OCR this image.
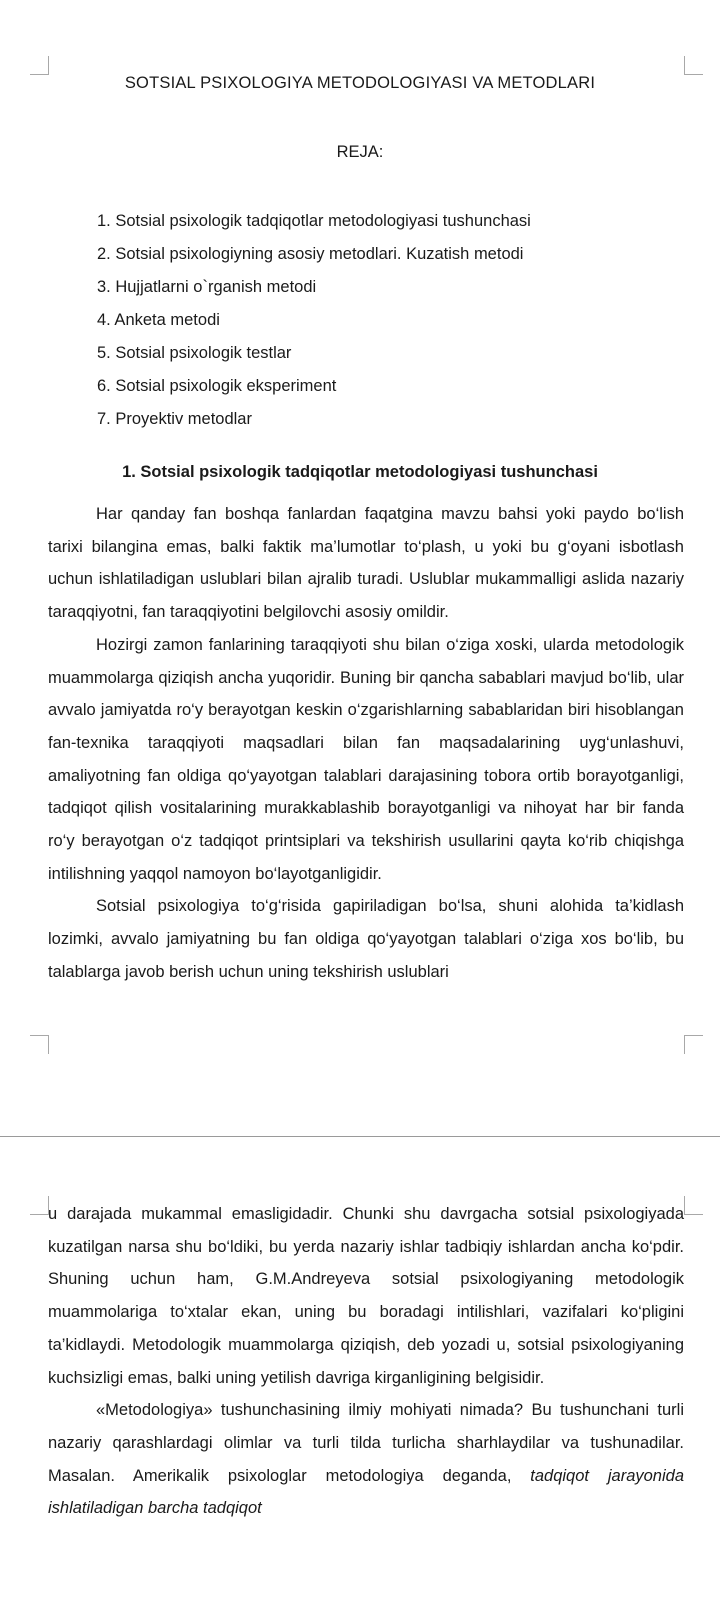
SOTSIAL PSIXOLOGIYA METODOLOGIYASI VA METODLARI
REJA:
1. Sotsial psixologik tadqiqotlar metodologiyasi tushunchasi
2. Sotsial psixologiyning asosiy metodlari. Kuzatish metodi
3. Hujjatlarni o`rganish metodi
4. Anketa metodi
5. Sotsial psixologik testlar
6. Sotsial psixologik eksperiment
7. Proyektiv metodlar
1. Sotsial psixologik tadqiqotlar metodologiyasi tushunchasi

Har qanday fan boshqa fanlardan faqatgina mavzu bahsi yoki paydo bo‘lish tarixi bilangina emas, balki faktik ma’lumotlar to‘plash, u yoki bu g‘oyani isbotlash uchun ishlatiladigan uslublari bilan ajralib turadi. Uslublar mukammalligi aslida nazariy taraqqiyotni, fan taraqqiyotini belgilovchi asosiy omildir.

Hozirgi zamon fanlarining taraqqiyoti shu bilan o‘ziga xoski, ularda metodologik muammolarga qiziqish ancha yuqoridir. Buning bir qancha sabablari mavjud bo‘lib, ular avvalo jamiyatda ro‘y berayotgan keskin o‘zgarishlarning sabablaridan biri hisoblangan fan-texnika taraqqiyoti maqsadlari bilan fan maqsadalarining uyg‘unlashuvi, amaliyotning fan oldiga qo‘yayotgan talablari darajasining tobora ortib borayotganligi, tadqiqot qilish vositalarining murakkablashib borayotganligi va nihoyat har bir fanda ro‘y berayotgan o‘z tadqiqot printsiplari va tekshirish usullarini qayta ko‘rib chiqishga intilishning yaqqol namoyon bo‘layotganligidir.

Sotsial psixologiya to‘g‘risida gapiriladigan bo‘lsa, shuni alohida ta’kidlash lozimki, avvalo jamiyatning bu fan oldiga qo‘yayotgan talablari o‘ziga xos bo‘lib, bu talablarga javob berish uchun uning tekshirish uslublari

u darajada mukammal emasligidadir. Chunki shu davrgacha sotsial psixologiyada kuzatilgan narsa shu bo‘ldiki, bu yerda nazariy ishlar tadbiqiy ishlardan ancha ko‘pdir. Shuning uchun ham, G.M.Andreyeva sotsial psixologiyaning metodologik muammolariga to‘xtalar ekan, uning bu boradagi intilishlari, vazifalari ko‘pligini ta’kidlaydi. Metodologik muammolarga qiziqish, deb yozadi u, sotsial psixologiyaning kuchsizligi emas, balki uning yetilish davriga kirganligining belgisidir.

«Metodologiya» tushunchasining ilmiy mohiyati nimada? Bu tushunchani turli nazariy qarashlardagi olimlar va turli tilda turlicha sharhlaydilar va tushunadilar. Masalan. Amerikalik psixologlar metodologiya deganda, tadqiqot jarayonida ishlatiladigan barcha tadqiqot
